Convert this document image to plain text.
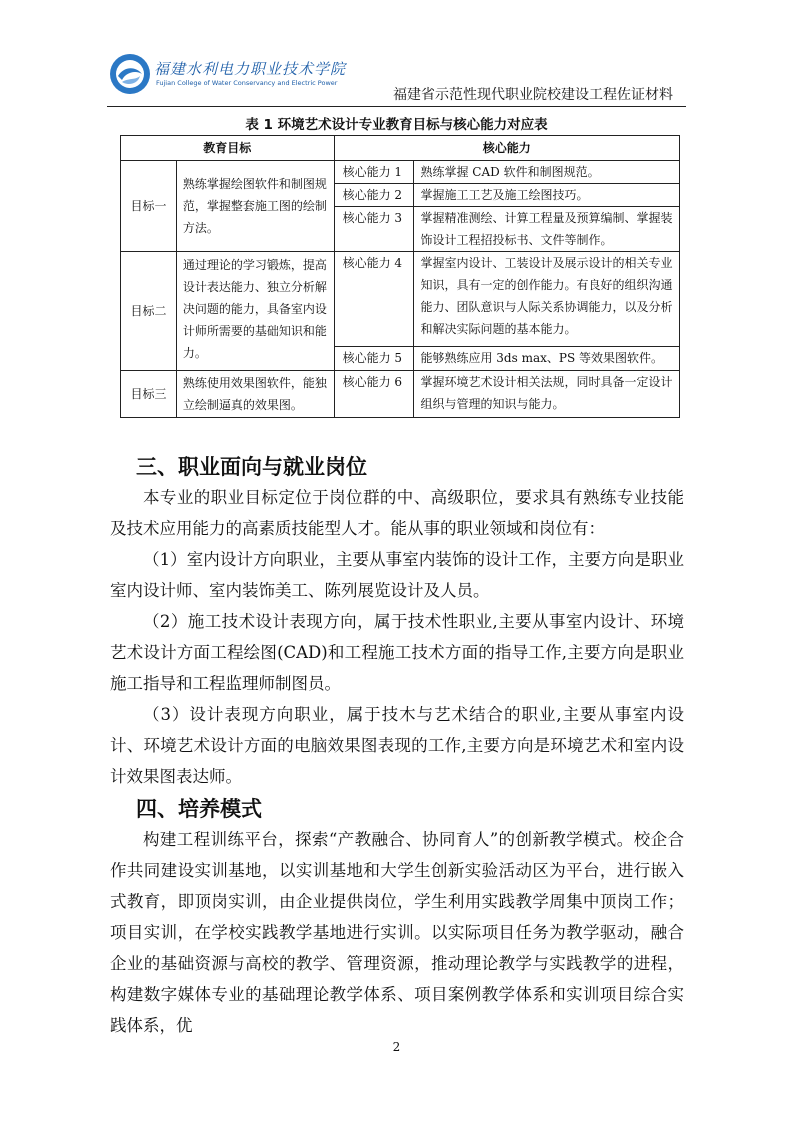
福建水利电力职业技术学院
Fujian College of Water Conservancy and Electric Power
福建省示范性现代职业院校建设工程佐证材料
表 1 环境艺术设计专业教育目标与核心能力对应表
教育目标		核心能力	
目标一	熟练掌握绘图软件和制图规范，掌握整套施工图的绘制方法。	核心能力 1	熟练掌握 CAD 软件和制图规范。
		核心能力 2	掌握施工工艺及施工绘图技巧。
		核心能力 3	掌握精准测绘、计算工程量及预算编制、掌握装饰设计工程招投标书、文件等制作。
目标二	通过理论的学习锻炼，提高设计表达能力、独立分析解决问题的能力，具备室内设计师所需要的基础知识和能力。	核心能力 4	掌握室内设计、工装设计及展示设计的相关专业知识，具有一定的创作能力。有良好的组织沟通能力、团队意识与人际关系协调能力，以及分析和解决实际问题的基本能力。
		核心能力 5	能够熟练应用 3ds max、PS 等效果图软件。
目标三	熟练使用效果图软件，能独立绘制逼真的效果图。	核心能力 6	掌握环境艺术设计相关法规，同时具备一定设计组织与管理的知识与能力。
三、职业面向与就业岗位

本专业的职业目标定位于岗位群的中、高级职位，要求具有熟练专业技能及技术应用能力的高素质技能型人才。能从事的职业领域和岗位有：

（1）室内设计方向职业，主要从事室内装饰的设计工作，主要方向是职业室内设计师、室内装饰美工、陈列展览设计及人员。

（2）施工技术设计表现方向，属于技术性职业,主要从事室内设计、环境艺术设计方面工程绘图(CAD)和工程施工技术方面的指导工作,主要方向是职业施工指导和工程监理师制图员。

（3）设计表现方向职业，属于技木与艺术结合的职业,主要从事室内设计、环境艺术设计方面的电脑效果图表现的工作,主要方向是环境艺术和室内设计效果图表达师。

四、培养模式

构建工程训练平台，探索“产教融合、协同育人”的创新教学模式。校企合作共同建设实训基地，以实训基地和大学生创新实验活动区为平台，进行嵌入式教育，即顶岗实训，由企业提供岗位，学生利用实践教学周集中顶岗工作；项目实训，在学校实践教学基地进行实训。以实际项目任务为教学驱动，融合企业的基础资源与高校的教学、管理资源，推动理论教学与实践教学的进程，构建数字媒体专业的基础理论教学体系、项目案例教学体系和实训项目综合实践体系，优

2
